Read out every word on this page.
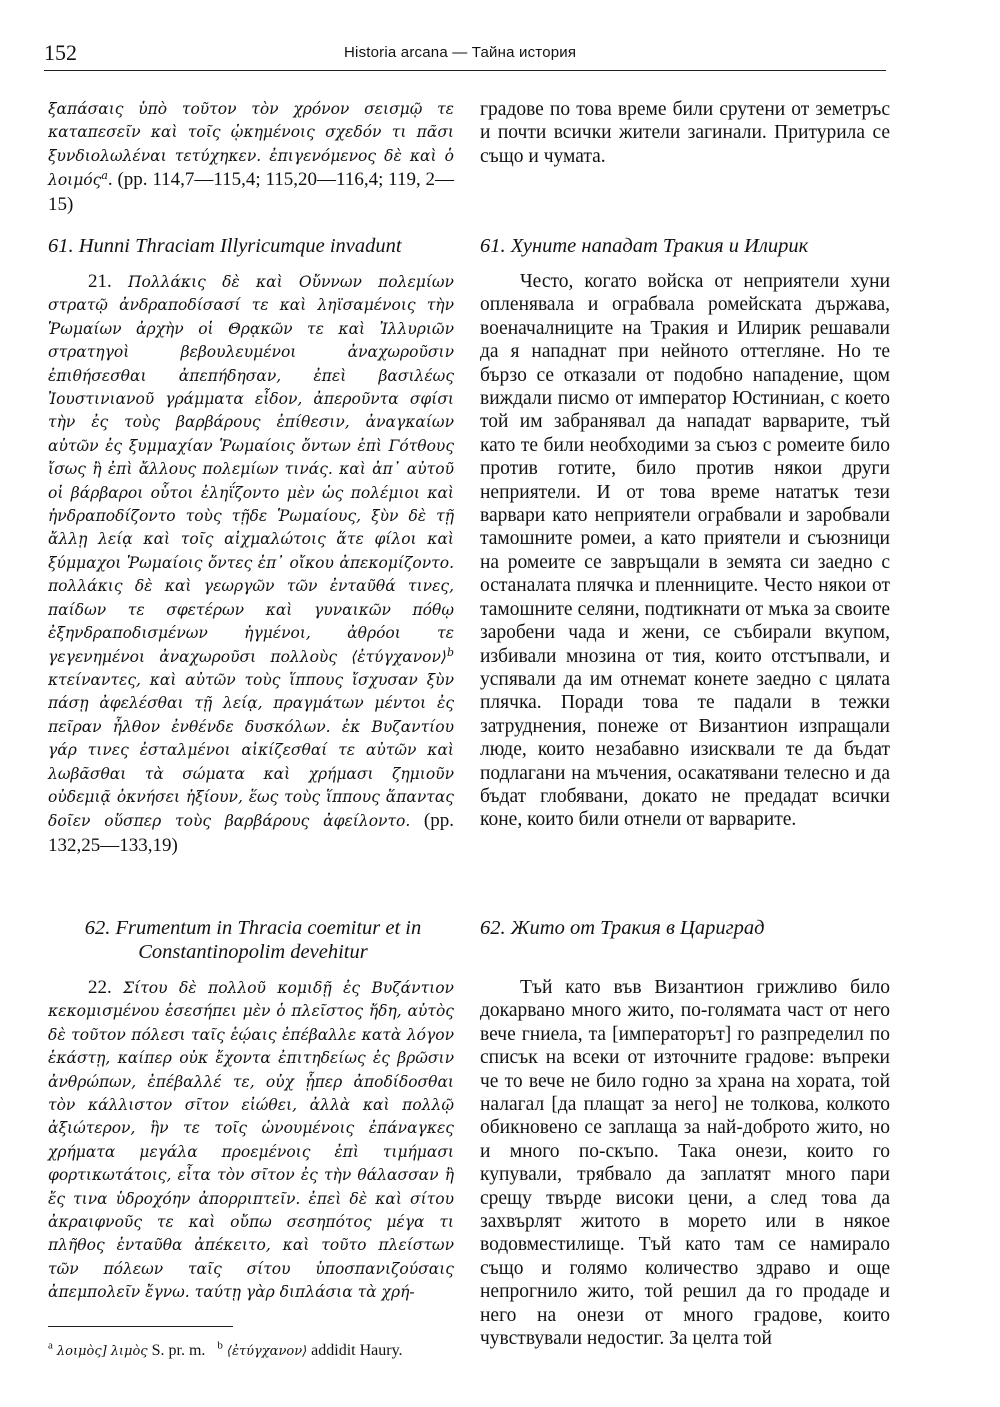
152	Historia arcana — Тайна история

ξαπάσαις ὑπὸ τοῦτον τὸν χρόνον σεισμῷ τε καταπεσεῖν καὶ τοῖς ᾠκημένοις σχεδόν τι πᾶσι ξυνδιολωλέναι τετύχηκεν. ἐπιγενόμενος δὲ καὶ ὁ λοιμός$^a$. (pp. 114,7—115,4; 115,20—116,4; 119, 2—15)

градове по това време били срутени от земетръс и почти всички жители загинали. Притурила се също и чумата.

61. Hunni Thraciam Illyricumque invadunt	61. Хуните нападат Тракия и Илирик

21. Πολλάκις δὲ καὶ Οὔννων πολεμίων στρατῷ ἀνδραποδίσασί τε καὶ ληϊσαμένοις τὴν Ῥωμαίων ἀρχὴν οἱ Θρᾳκῶν τε καὶ Ἰλλυριῶν στρατηγοὶ βεβουλευμένοι ἀναχωροῦσιν ἐπιθήσεσθαι ἀπεπήδησαν, ἐπεὶ βασιλέως Ἰουστινιανοῦ γράμματα εἶδον, ἀπεροῦντα σφίσι τὴν ἐς τοὺς βαρβάρους ἐπίθεσιν, ἀναγκαίων αὐτῶν ἐς ξυμμαχίαν Ῥωμαίοις ὄντων ἐπὶ Γότθους ἴσως ἢ ἐπὶ ἄλλους πολεμίων τινάς. καὶ ἀπ᾽ αὐτοῦ οἱ βάρβαροι οὗτοι ἐληΐζοντο μὲν ὡς πολέμιοι καὶ ἠνδραποδίζοντο τοὺς τῇδε Ῥωμαίους, ξὺν δὲ τῇ ἄλλῃ λείᾳ καὶ τοῖς αἰχμαλώτοις ἅτε φίλοι καὶ ξύμμαχοι Ῥωμαίοις ὄντες ἐπ᾽ οἴκου ἀπεκομίζοντο. πολλάκις δὲ καὶ γεωργῶν τῶν ἐνταῦθά τινες, παίδων τε σφετέρων καὶ γυναικῶν πόθῳ ἐξηνδραποδισμένων ἠγμένοι, ἀθρόοι τε γεγενημένοι ἀναχωροῦσι πολλοὺς ⟨ἐτύγχανον⟩$^b$ κτείναντες, καὶ αὐτῶν τοὺς ἵππους ἴσχυσαν ξὺν πάσῃ ἀφελέσθαι τῇ λείᾳ, πραγμάτων μέντοι ἐς πεῖραν ἦλθον ἐνθένδε δυσκόλων. ἐκ Βυζαντίου γάρ τινες ἐσταλμένοι αἰκίζεσθαί τε αὐτῶν καὶ λωβᾶσθαι τὰ σώματα καὶ χρήμασι ζημιοῦν οὐδεμιᾷ ὀκνήσει ἠξίουν, ἕως τοὺς ἵππους ἅπαντας δοῖεν οὕσπερ τοὺς βαρβάρους ἀφείλοντο. (pp. 132,25—133,19)

Често, когато войска от неприятели хуни опленявала и ограбвала ромейската държава, военачалниците на Тракия и Илирик решавали да я нападнат при нейното оттегляне. Но те бързо се отказали от подобно нападение, щом виждали писмо от император Юстиниан, с което той им забранявал да нападат варварите, тъй като те били необходими за съюз с ромеите било против готите, било против някои други неприятели. И от това време нататък тези варвари като неприятели ограбвали и заробвали тамошните ромеи, а като приятели и съюзници на ромеите се завръщали в земята си заедно с останалата плячка и пленниците. Често някои от тамошните селяни, подтикнати от мъка за своите заробени чада и жени, се събирали вкупом, избивали мнозина от тия, които отстъпвали, и успявали да им отнемат конете заедно с цялата плячка. Поради това те падали в тежки затруднения, понеже от Византион изпращали люде, които незабавно изисквали те да бъдат подлагани на мъчения, осакатявани телесно и да бъдат глобявани, докато не предадат всички коне, които били отнели от варварите.

62. Frumentum in Thracia coemitur et in
Constantinopolim devehitur

62. Жито от Тракия в Цариград

22. Σίτου δὲ πολλοῦ κομιδῇ ἐς Βυζάντιον κεκομισμένου ἐσεσήπει μὲν ὁ πλεῖστος ἤδη, αὐτὸς δὲ τοῦτον πόλεσι ταῖς ἑῴαις ἐπέβαλλε κατὰ λόγον ἑκάστῃ, καίπερ οὐκ ἔχοντα ἐπιτηδείως ἐς βρῶσιν ἀνθρώπων, ἐπέβαλλέ τε, οὐχ ᾗπερ ἀποδίδοσθαι τὸν κάλλιστον σῖτον εἰώθει, ἀλλὰ καὶ πολλῷ ἀξιώτερον, ἣν τε τοῖς ὠνουμένοις ἐπάναγκες χρήματα μεγάλα προεμένοις ἐπὶ τιμήμασι φορτικωτάτοις, εἶτα τὸν σῖτον ἐς τὴν θάλασσαν ἢ ἔς τινα ὑδροχόην ἀπορριπτεῖν. ἐπεὶ δὲ καὶ σίτου ἀκραιφνοῦς τε καὶ οὔπω σεσηπότος μέγα τι πλῆθος ἐνταῦθα ἀπέκειτο, καὶ τοῦτο πλείστων τῶν πόλεων ταῖς σίτου ὑποσπανιζούσαις ἀπεμπολεῖν ἔγνω. ταύτῃ γὰρ διπλάσια τὰ χρή-

Тъй като във Византион грижливо било докарвано много жито, по-голямата част от него вече гниела, та [императорът] го разпределил по списък на всеки от източните градове: въпреки че то вече не било годно за храна на хората, той налагал [да плащат за него] не толкова, колкото обикновено се заплаща за най-доброто жито, но и много по-скъпо. Така онези, които го купували, трябвало да заплатят много пари срещу твърде високи цени, а след това да захвърлят житото в морето или в някое водовместилище. Тъй като там се намирало също и голямо количество здраво и още непрогнило жито, той решил да го продаде и него на онези от много градове, които чувствували недостиг. За целта той

$^a$ λοιμὸς] λιμὸς S. pr. m. $^b$ ⟨ἐτύγχανον⟩ addidit Haury.
